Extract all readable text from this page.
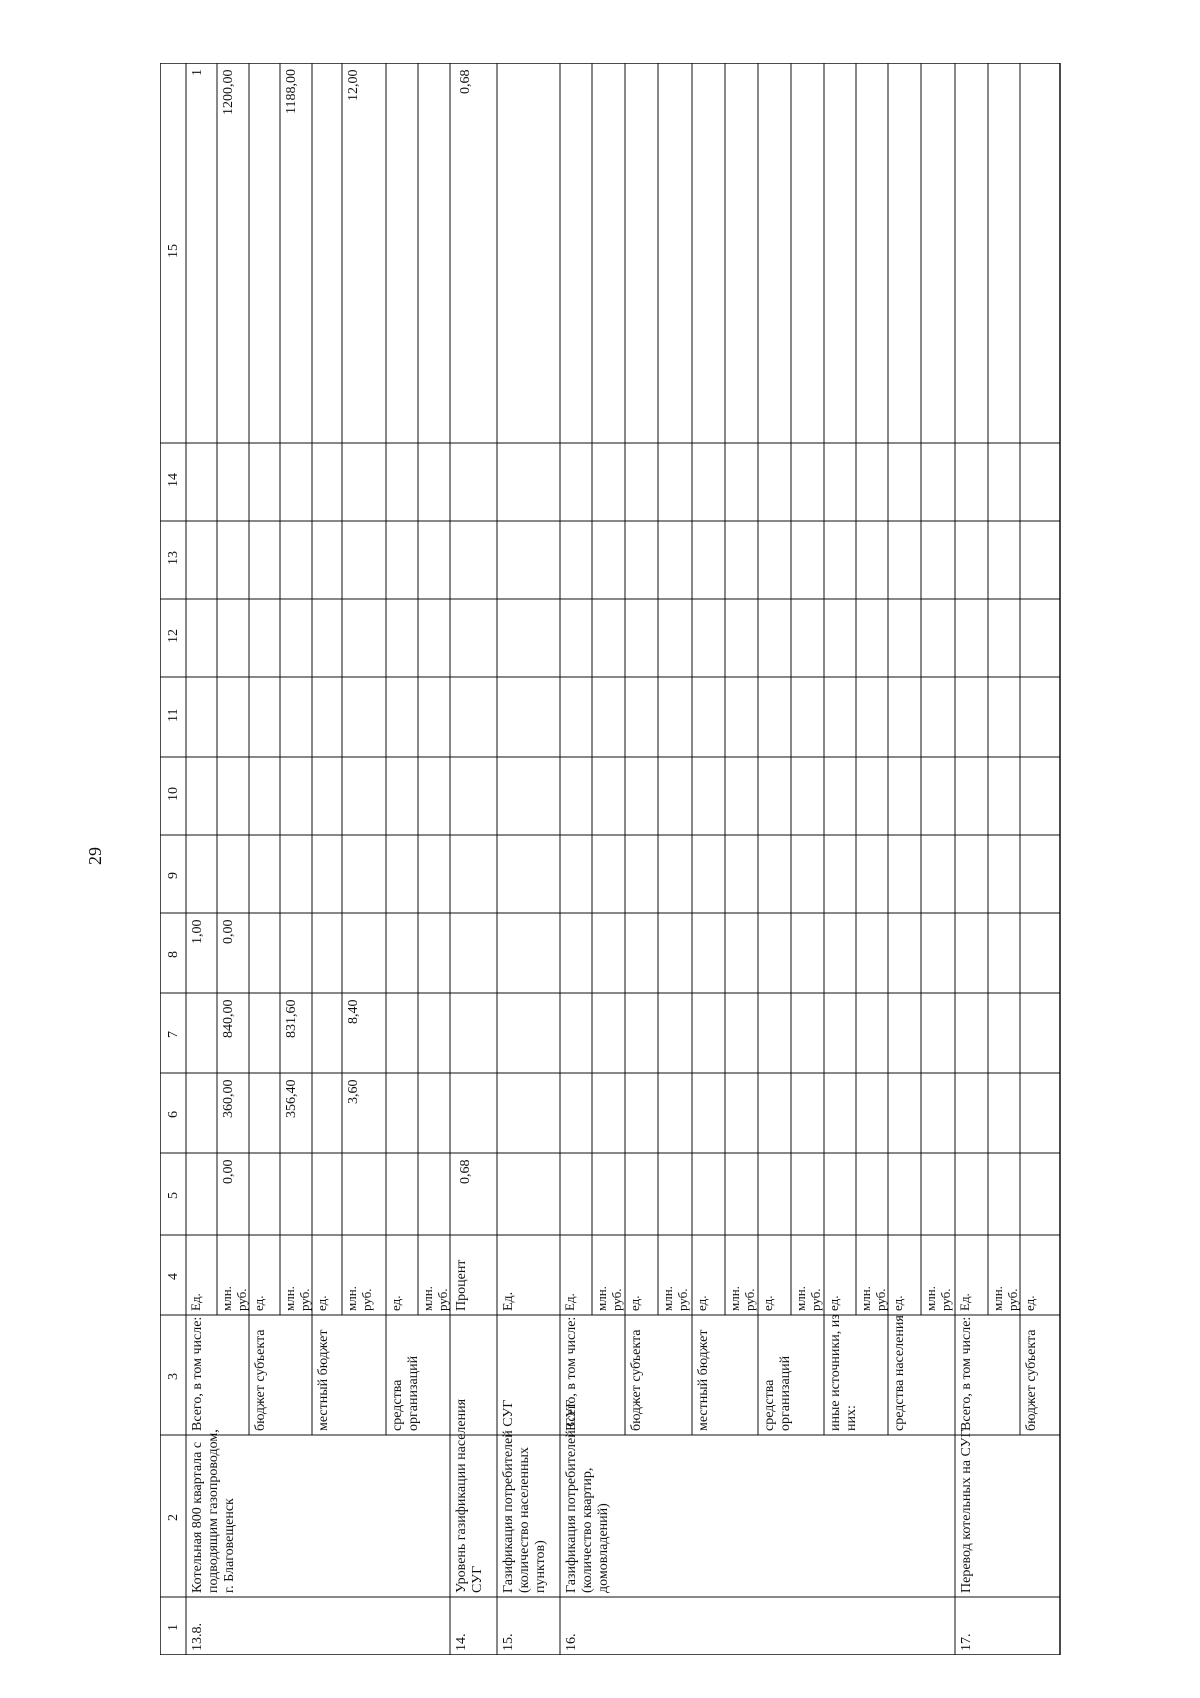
29
1
2
3
4
5
6
7
8
9
10
11
12
13
14
15
13.8.
Котельная 800 квартала с подводящим газопроводом, г. Благовещенск
Всего, в том числе:
Ед.
1,00
1
млн. руб.
0,00
360,00
840,00
0,00
1200,00
бюджет субъекта
ед. млн. руб.
356,40
831,60
1188,00
местный бюджет
ед. млн. руб.
3,60
8,40
12,00
средства организаций
ед. млн. руб.
14.
Уровень газификации населения СУГ
Процент
0,68
0,68
15.
Газификация потребителей СУГ (количество населенных пунктов)
Ед.
16.
Газификация потребителей СУГ (количество квартир, домовладений)
Всего, в том числе:
Ед. млн. руб.
бюджет субъекта
ед. млн. руб.
местный бюджет
ед. млн. руб.
средства организаций
ед. млн. руб.
иные источники, из них:
ед. млн. руб.
средства населения
ед. млн. руб.
17.
Перевод котельных на СУГ
Всего, в том числе:
Ед. млн. руб.
бюджет субъекта
ед.
